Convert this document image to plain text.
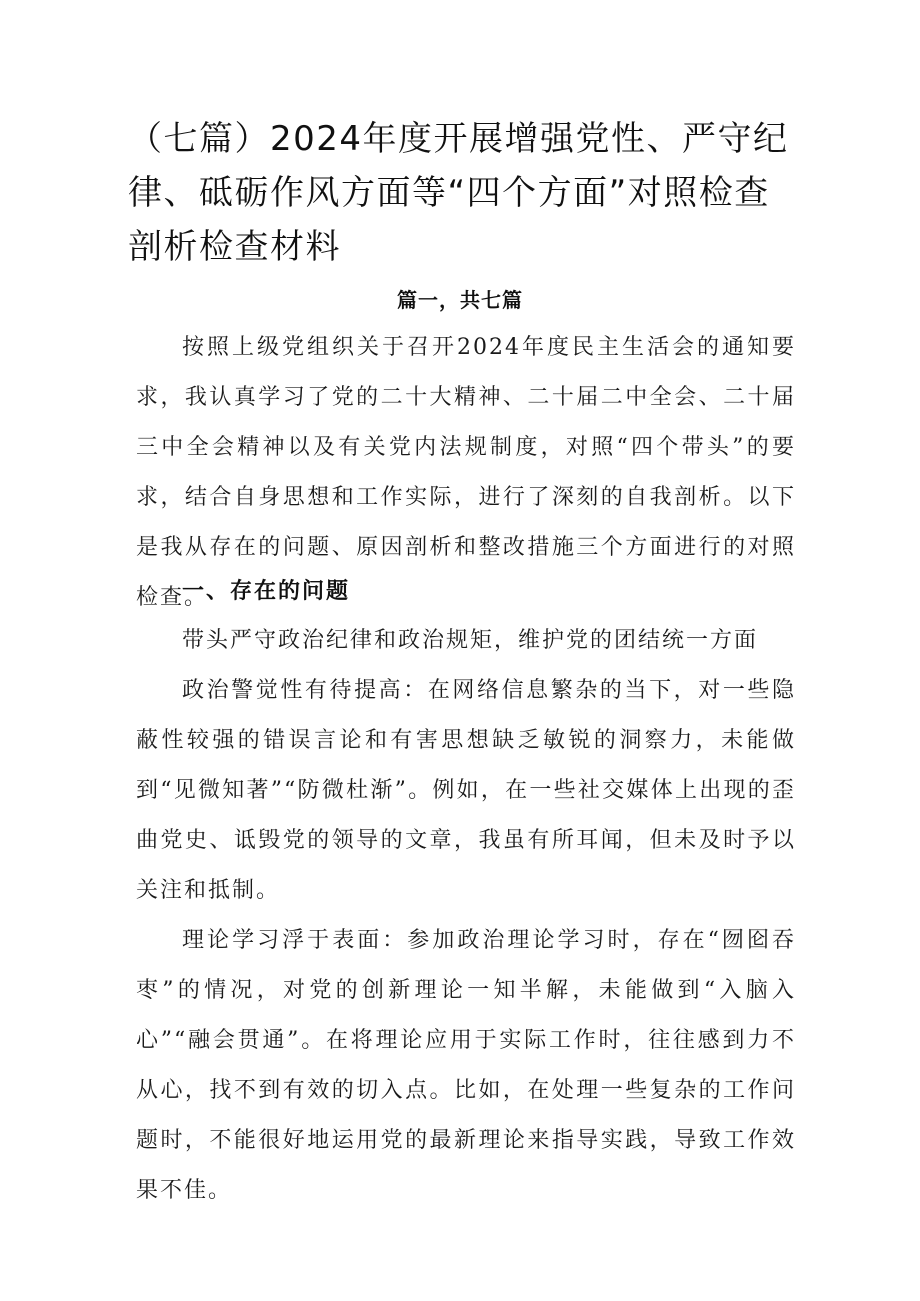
（七篇）2024年度开展增强党性、严守纪
律、砥砺作风方面等“四个方面”对照检查
剖析检查材料
篇一，共七篇

按照上级党组织关于召开2024年度民主生活会的通知要求，我认真学习了党的二十大精神、二十届二中全会、二十届三中全会精神以及有关党内法规制度，对照“四个带头”的要求，结合自身思想和工作实际，进行了深刻的自我剖析。以下是我从存在的问题、原因剖析和整改措施三个方面进行的对照检查。

一、存在的问题

带头严守政治纪律和政治规矩，维护党的团结统一方面

政治警觉性有待提高：在网络信息繁杂的当下，对一些隐蔽性较强的错误言论和有害思想缺乏敏锐的洞察力，未能做到“见微知著”“防微杜渐”。例如，在一些社交媒体上出现的歪曲党史、诋毁党的领导的文章，我虽有所耳闻，但未及时予以关注和抵制。

理论学习浮于表面：参加政治理论学习时，存在“囫囵吞枣”的情况，对党的创新理论一知半解，未能做到“入脑入心”“融会贯通”。在将理论应用于实际工作时，往往感到力不从心，找不到有效的切入点。比如，在处理一些复杂的工作问题时，不能很好地运用党的最新理论来指导实践，导致工作效果不佳。
